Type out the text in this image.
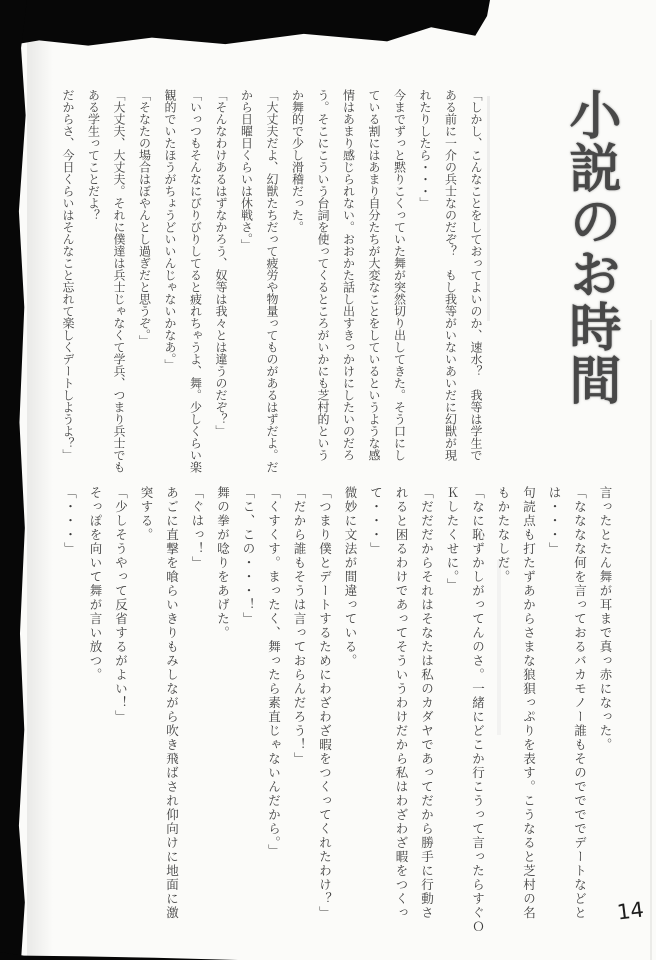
小説のお時間

「しかし、こんなことをしておってよいのか、速水？　我等は学生で

ある前に一介の兵士なのだぞ？　もし我等がいないあいだに幻獣が現

れたりしたら・・・」

今までずっと黙りこくっていた舞が突然切り出してきた。そう口にし

ている割にはあまり自分たちが大変なことをしているというような感

情はあまり感じられない。おおかた話し出すきっかけにしたいのだろ

う。そこにこういう台詞を使ってくるところがいかにも芝村的という

か舞的で少し滑稽だった。

「大丈夫だよ、幻獣たちだって疲労や物量ってものがあるはずだよ。だ

から日曜日くらいは休戦さ。」

「そんなわけあるはずなかろう、奴等は我々とは違うのだぞ？」

「いっつもそんなにびりびりしてると疲れちゃうよ、舞。少しくらい楽

観的でいたほうがちょうどいいんじゃないかなあ。」

「そなたの場合はぼやんとし過ぎだと思うぞ。」

「大丈夫、大丈夫。それに僕達は兵士じゃなくて学兵、つまり兵士でも

ある学生ってことだよ？

だからさ、今日くらいはそんなこと忘れて楽しくデートしようよ？」

言ったとたん舞が耳まで真っ赤になった。

「なななな何を言っておるバカモノー誰もそのででででデートなどと

は・・・」

句読点も打たずあからさまな狼狽っぷりを表す。こうなると芝村の名

もかたなしだ。

「なに恥ずかしがってんのさ。一緒にどこか行こうって言ったらすぐＯ

Ｋしたくせに。」

「だだだからそれはそなたは私のカダヤであってだから勝手に行動さ

れると困るわけであってそういうわけだから私はわざわざ暇をつくっ

て・・・」

微妙に文法が間違っている。

「つまり僕とデートするためにわざわざ暇をつくってくれたわけ？」

「だから誰もそうは言っておらんだろう！」

「くすくす。まったく、舞ったら素直じゃないんだから。」

「こ、この・・・！」

舞の拳が唸りをあげた。

「ぐはっ！」

あごに直撃を喰らいきりもみしながら吹き飛ばされ仰向けに地面に激

突する。

「少しそうやって反省するがよい！」

そっぽを向いて舞が言い放つ。

「・・・」

14
